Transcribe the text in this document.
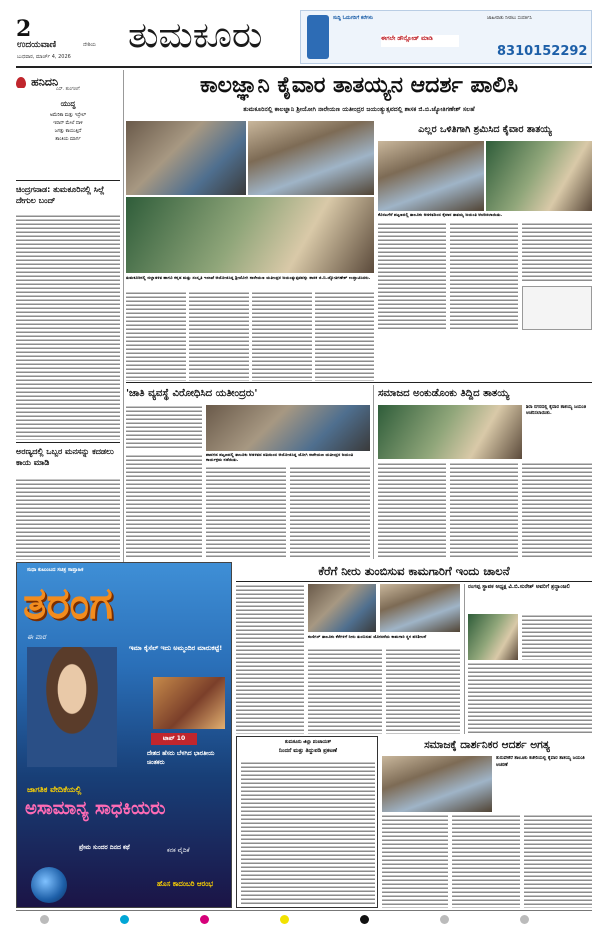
2
ಉದಯವಾಣಿ	ದೇಶಿಯ
ಬುಧವಾರ, ಮಾರ್ಚ್ 4, 2026
ತುಮಕೂರು	ಸುದ್ದಿ ಓದುಗರಿಗೆ ಕರೆಗಳು
ಈಗಲೇ ಡೌನ್ಲೋಡ್ ಮಾಡಿ
ಜಾಹೀರಾತು ನೀಡಲು ಸಂಪರ್ಕಿಸಿ
8310152292
ಹನಿದನಿ
ಎಸ್. ತುಂಗಣಗೆ
ಯುದ್ಧ
ಅಮೆರಿಕಾ ಮತ್ತು ಇಸ್ರೇಲ್
ಇರಾನ್ ಮೇಲೆ ದಾಳಿ
ಜಗತ್ತು ಕಾಯುತ್ತಿದೆ
ಶಾಂತಿಯ ಮಾರ್ಗ
ಚಿಂದ್ರಗನಾಡ: ತುಮಕೂರಿನಲ್ಲಿ ಸಿಲ್ಲೆ ದೇಗುಲ ಬಂದ್
ಅರಣ್ಯದಲ್ಲಿ ಒಬ್ಬರ ಮನಸನ್ನು ಕದಡಲು ಕಾಯ ಮಾಡಿ
ಕಾಲಜ್ಞಾನಿ ಕೈವಾರ ತಾತಯ್ಯನ ಆದರ್ಶ ಪಾಲಿಸಿ
ತುಮಕೂರಿನಲ್ಲಿ ಕಾಲಜ್ಞಾನಿ ಶ್ರೀಯೋಗಿ ನಾರೇಯಣ ಯತೀಂದ್ರರ ಜಯಂತ್ಯುತ್ಸವದಲ್ಲಿ ಶಾಸಕ ಜಿ.ಬಿ.ಜ್ಯೋತಿಗಣೇಶ್ ಸಲಹೆ
ತುಮಕೂರಿನಲ್ಲಿ ಜಿಲ್ಲಾಡಳಿತ ಹಾಗೂ ಕನ್ನಡ ಮತ್ತು ಸಂಸ್ಕೃತಿ ಇಲಾಖೆ ಆಯೋಜಿಸಿದ್ದ ಶ್ರೀಯೋಗಿ ನಾರೇಯಣ ಯತೀಂದ್ರರ ಜಯಂತ್ಯುತ್ಸವವನ್ನು ಶಾಸಕ ಜಿ.ಬಿ.ಜ್ಯೋತಿಗಣೇಶ್ ಉದ್ಘಾಟಿಸಿದರು.
ಎಲ್ಲರ ಒಳಿತಿಗಾಗಿ ಶ್ರಮಿಸಿದ ಕೈವಾರ ತಾತಯ್ಯ
ಕೊರಟಗೆರೆ ಪಟ್ಟಣದಲ್ಲಿ ತಾಲೂಕು ಆಡಳಿತದಿಂದ ಕೈವಾರ ತಾತಯ್ಯ ಜಯಂತಿ ಆಚರಿಸಲಾಯಿತು.
'ಜಾತಿ ವ್ಯವಸ್ಥೆ ವಿರೋಧಿಸಿದ ಯತೀಂದ್ರರು'
ಪಾವಗಡ ಪಟ್ಟಣದಲ್ಲಿ ತಾಲೂಕು ಆಡಳಿತದ ವತಿಯಿಂದ ಆಯೋಜಿಸಿದ್ದ ಯೋಗಿ ನಾರೇಯಣ ಯತೀಂದ್ರರ ಜಯಂತಿ ಕಾರ್ಯಕ್ರಮ ನಡೆಯಿತು.
ಸಮಾಜದ ಅಂಕುಡೊಂಕು ತಿದ್ದಿದ ತಾತಯ್ಯ
ಶಿರಾ ನಗರದಲ್ಲಿ ಕೈವಾರ ತಾತಯ್ಯ ಜಯಂತಿ ಆಚರಿಸಲಾಯಿತು.
ಸುಧಾ ಕುಟುಂಬದ ಸಚಿತ್ರ ಸಾಪ್ತಾಹಿಕ
ತರಂಗ
ಈ ವಾರ
ಇಮಾ ಕೈಸೆಲ್ ಇದು ಅಮ್ಮಂದಿರ ಮಾರುಕಟ್ಟೆ!
ಟಾಪ್ 10
ದೇಶದ ಹೆಸರು ಬೆಳಗಿದ ಭಾರತೀಯ ಚಿಂತಕರು
ಜಾಗತಿಕ ವೇದಿಕೆಯಲ್ಲಿ
ಅಸಾಮಾನ್ಯ ಸಾಧಕಿಯರು
ಪ್ರೇಮ ಸುಂದರ ದಿನದ ಕಥೆ	ಕನಕ ವೈದಿಕೆ
ಹೊಸ ಕಾದಂಬರಿ ಆರಂಭ
ಕೆರೆಗೆ ನೀರು ತುಂಬಿಸುವ ಕಾಮಗಾರಿಗೆ ಇಂದು ಚಾಲನೆ
ಕುಣಿಗಲ್ ತಾಲೂಕು ಕೆರೆಗಳಿಗೆ ನೀರು ತುಂಬಿಸುವ ಯೋಜನೆಯ ಕಾಮಗಾರಿ ಸ್ಥಳ ಪರಿಶೀಲನೆ
ರಂಗಪ್ಪ ಸ್ಥಾಪಕ ಅಧ್ಯಕ್ಷ ವಿ.ಬಿ.ಸುರೇಶ್ ಅವರಿಗೆ ಶ್ರದ್ಧಾಂಜಲಿ
ತುಮಕೂರು ಜಿಲ್ಲಾ ಪಂಚಾಯತ್
ನಿಂದನೆ ಮತ್ತು ತಿದ್ದುಪಡಿ ಪ್ರಕಟಣೆ	ಸಮಾಜಕ್ಕೆ ದಾರ್ಶನಿಕರ ಆದರ್ಶ ಅಗತ್ಯ
ತುರುವೇಕೆರೆ ತಾಲೂಕು ಕಚೇರಿಯಲ್ಲಿ ಕೈವಾರ ತಾತಯ್ಯ ಜಯಂತಿ ಆಚರಣೆ
